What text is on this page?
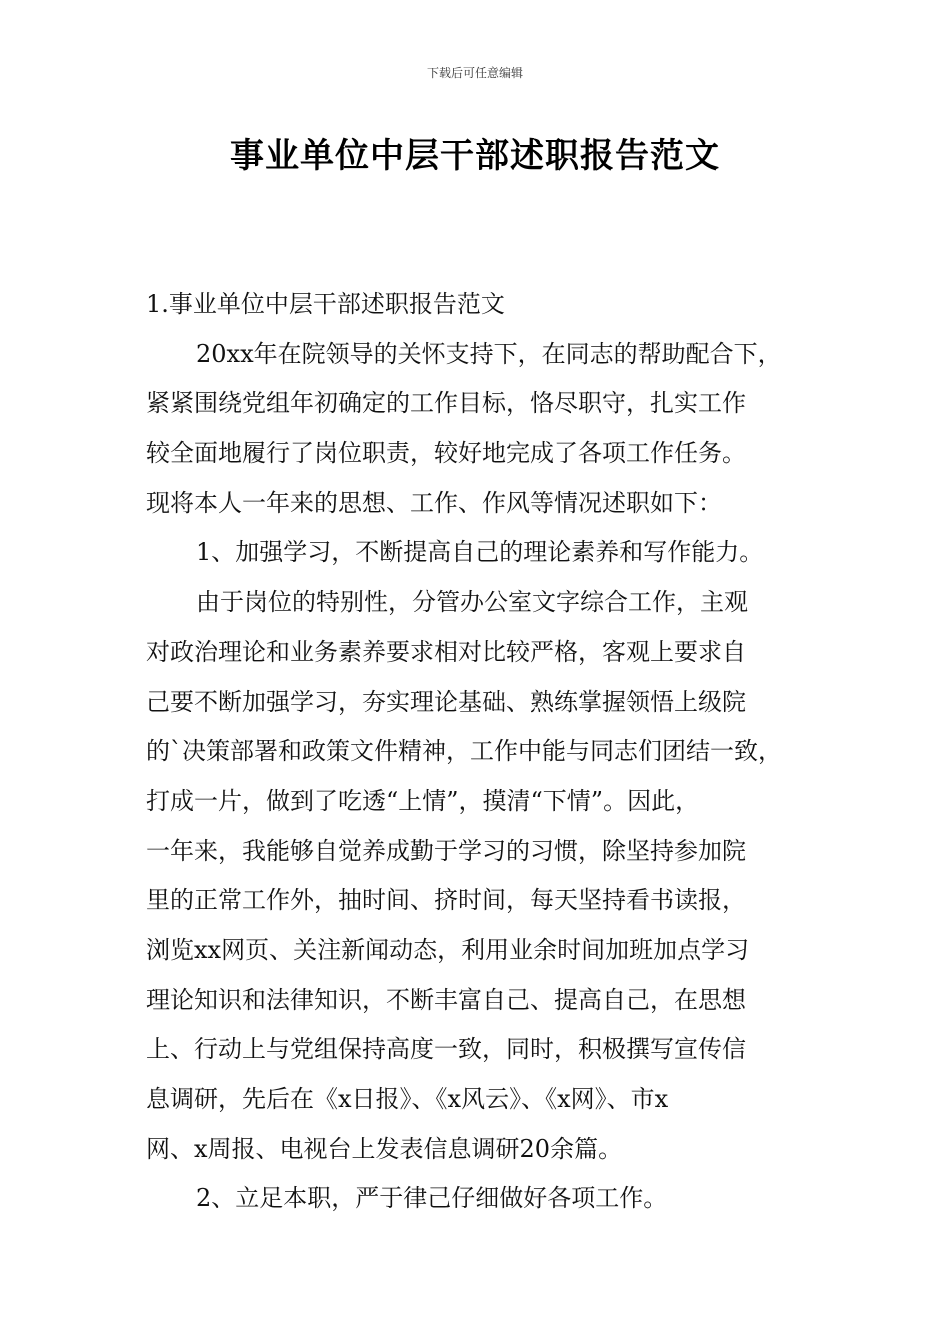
下载后可任意编辑
事业单位中层干部述职报告范文
1.事业单位中层干部述职报告范文
20xx年在院领导的关怀支持下，在同志的帮助配合下，
紧紧围绕党组年初确定的工作目标，恪尽职守，扎实工作
较全面地履行了岗位职责，较好地完成了各项工作任务。
现将本人一年来的思想、工作、作风等情况述职如下：
1、加强学习，不断提高自己的理论素养和写作能力。
由于岗位的特别性，分管办公室文字综合工作，主观
对政治理论和业务素养要求相对比较严格，客观上要求自
己要不断加强学习，夯实理论基础、熟练掌握领悟上级院
的`决策部署和政策文件精神，工作中能与同志们团结一致，
打成一片，做到了吃透“上情”，摸清“下情”。因此，
一年来，我能够自觉养成勤于学习的习惯，除坚持参加院
里的正常工作外，抽时间、挤时间，每天坚持看书读报，
浏览xx网页、关注新闻动态，利用业余时间加班加点学习
理论知识和法律知识，不断丰富自己、提高自己，在思想
上、行动上与党组保持高度一致，同时，积极撰写宣传信
息调研，先后在《x日报》、《x风云》、《x网》、市x
网、x周报、电视台上发表信息调研20余篇。
2、立足本职，严于律己仔细做好各项工作。
